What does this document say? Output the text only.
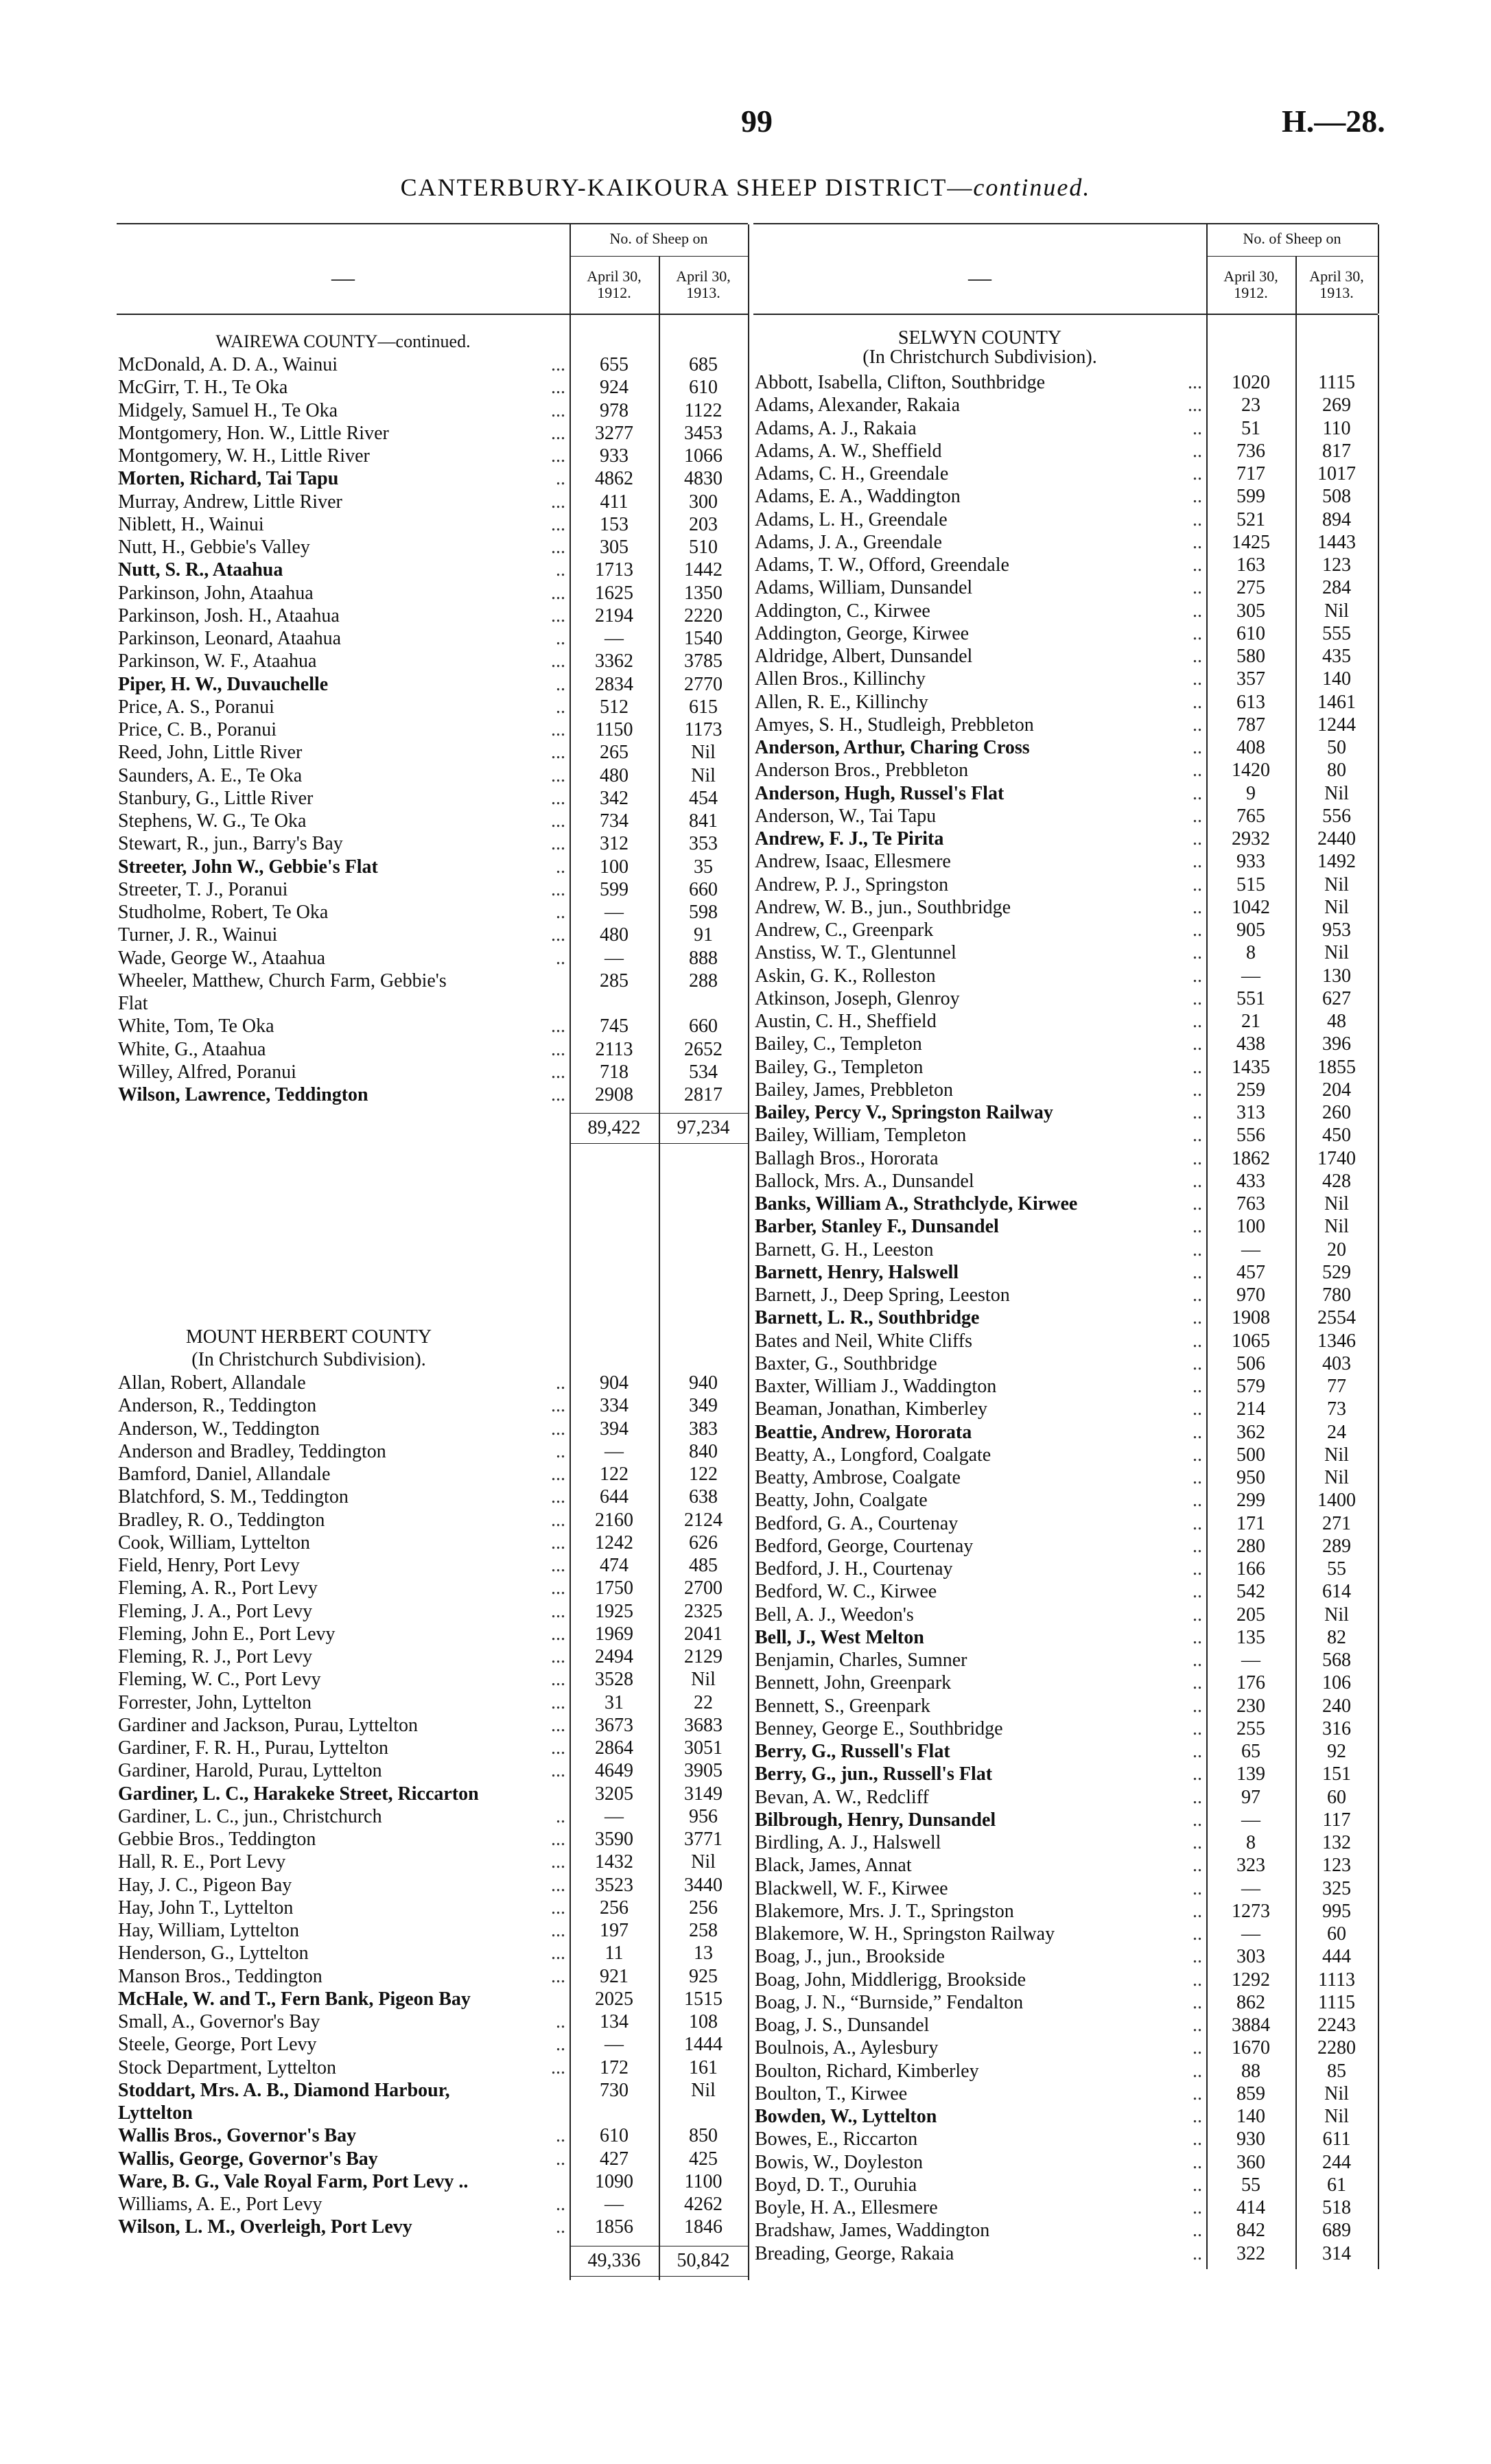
99	H.—28.
CANTERBURY-KAIKOURA SHEEP DISTRICT—continued.
—
No. of Sheep on
April 30, 1912.
April 30, 1913.
WAIREWA COUNTY—continued.
McDonald, A. D. A., Wainui	...	655	685
McGirr, T. H., Te Oka	...	924	610
Midgely, Samuel H., Te Oka	...	978	1122
Montgomery, Hon. W., Little River	...	3277	3453
Montgomery, W. H., Little River	...	933	1066
Morten, Richard, Tai Tapu	..	4862	4830
Murray, Andrew, Little River	...	411	300
Niblett, H., Wainui	...	153	203
Nutt, H., Gebbie's Valley	...	305	510
Nutt, S. R., Ataahua	..	1713	1442
Parkinson, John, Ataahua	...	1625	1350
Parkinson, Josh. H., Ataahua	...	2194	2220
Parkinson, Leonard, Ataahua	..	—	1540
Parkinson, W. F., Ataahua	...	3362	3785
Piper, H. W., Duvauchelle	..	2834	2770
Price, A. S., Poranui	..	512	615
Price, C. B., Poranui	...	1150	1173
Reed, John, Little River	...	265	Nil
Saunders, A. E., Te Oka	...	480	Nil
Stanbury, G., Little River	...	342	454
Stephens, W. G., Te Oka	...	734	841
Stewart, R., jun., Barry's Bay	...	312	353
Streeter, John W., Gebbie's Flat	..	100	35
Streeter, T. J., Poranui	...	599	660
Studholme, Robert, Te Oka	..	—	598
Turner, J. R., Wainui	...	480	91
Wade, George W., Ataahua	..	—	888
Wheeler, Matthew, Church Farm, Gebbie's	285	288
Flat
White, Tom, Te Oka	...	745	660
White, G., Ataahua	...	2113	2652
Willey, Alfred, Poranui	...	718	534
Wilson, Lawrence, Teddington	...	2908	2817
89,422	97,234
MOUNT HERBERT COUNTY
(In Christchurch Subdivision).
Allan, Robert, Allandale	..	904	940
Anderson, R., Teddington	...	334	349
Anderson, W., Teddington	...	394	383
Anderson and Bradley, Teddington	..	—	840
Bamford, Daniel, Allandale	...	122	122
Blatchford, S. M., Teddington	...	644	638
Bradley, R. O., Teddington	...	2160	2124
Cook, William, Lyttelton	...	1242	626
Field, Henry, Port Levy	...	474	485
Fleming, A. R., Port Levy	...	1750	2700
Fleming, J. A., Port Levy	...	1925	2325
Fleming, John E., Port Levy	...	1969	2041
Fleming, R. J., Port Levy	...	2494	2129
Fleming, W. C., Port Levy	...	3528	Nil
Forrester, John, Lyttelton	...	31	22
Gardiner and Jackson, Purau, Lyttelton	...	3673	3683
Gardiner, F. R. H., Purau, Lyttelton	...	2864	3051
Gardiner, Harold, Purau, Lyttelton	...	4649	3905
Gardiner, L. C., Harakeke Street, Riccarton	3205	3149
Gardiner, L. C., jun., Christchurch	..	—	956
Gebbie Bros., Teddington	...	3590	3771
Hall, R. E., Port Levy	...	1432	Nil
Hay, J. C., Pigeon Bay	...	3523	3440
Hay, John T., Lyttelton	...	256	256
Hay, William, Lyttelton	...	197	258
Henderson, G., Lyttelton	...	11	13
Manson Bros., Teddington	...	921	925
McHale, W. and T., Fern Bank, Pigeon Bay	2025	1515
Small, A., Governor's Bay	..	134	108
Steele, George, Port Levy	..	—	1444
Stock Department, Lyttelton	...	172	161
Stoddart, Mrs. A. B., Diamond Harbour,	730	Nil
Lyttelton
Wallis Bros., Governor's Bay	..	610	850
Wallis, George, Governor's Bay	..	427	425
Ware, B. G., Vale Royal Farm, Port Levy ..	1090	1100
Williams, A. E., Port Levy	..	—	4262
Wilson, L. M., Overleigh, Port Levy	..	1856	1846
49,336	50,842
—
No. of Sheep on
April 30, 1912.
April 30, 1913.
SELWYN COUNTY
(In Christchurch Subdivision).
Abbott, Isabella, Clifton, Southbridge	...	1020	1115
Adams, Alexander, Rakaia	...	23	269
Adams, A. J., Rakaia	..	51	110
Adams, A. W., Sheffield	..	736	817
Adams, C. H., Greendale	..	717	1017
Adams, E. A., Waddington	..	599	508
Adams, L. H., Greendale	..	521	894
Adams, J. A., Greendale	..	1425	1443
Adams, T. W., Offord, Greendale	..	163	123
Adams, William, Dunsandel	..	275	284
Addington, C., Kirwee	..	305	Nil
Addington, George, Kirwee	..	610	555
Aldridge, Albert, Dunsandel	..	580	435
Allen Bros., Killinchy	..	357	140
Allen, R. E., Killinchy	..	613	1461
Amyes, S. H., Studleigh, Prebbleton	..	787	1244
Anderson, Arthur, Charing Cross	..	408	50
Anderson Bros., Prebbleton	..	1420	80
Anderson, Hugh, Russel's Flat	..	9	Nil
Anderson, W., Tai Tapu	..	765	556
Andrew, F. J., Te Pirita	..	2932	2440
Andrew, Isaac, Ellesmere	..	933	1492
Andrew, P. J., Springston	..	515	Nil
Andrew, W. B., jun., Southbridge	..	1042	Nil
Andrew, C., Greenpark	..	905	953
Anstiss, W. T., Glentunnel	..	8	Nil
Askin, G. K., Rolleston	..	—	130
Atkinson, Joseph, Glenroy	..	551	627
Austin, C. H., Sheffield	..	21	48
Bailey, C., Templeton	..	438	396
Bailey, G., Templeton	..	1435	1855
Bailey, James, Prebbleton	..	259	204
Bailey, Percy V., Springston Railway	..	313	260
Bailey, William, Templeton	..	556	450
Ballagh Bros., Hororata	..	1862	1740
Ballock, Mrs. A., Dunsandel	..	433	428
Banks, William A., Strathclyde, Kirwee	..	763	Nil
Barber, Stanley F., Dunsandel	..	100	Nil
Barnett, G. H., Leeston	..	—	20
Barnett, Henry, Halswell	..	457	529
Barnett, J., Deep Spring, Leeston	..	970	780
Barnett, L. R., Southbridge	..	1908	2554
Bates and Neil, White Cliffs	..	1065	1346
Baxter, G., Southbridge	..	506	403
Baxter, William J., Waddington	..	579	77
Beaman, Jonathan, Kimberley	..	214	73
Beattie, Andrew, Hororata	..	362	24
Beatty, A., Longford, Coalgate	..	500	Nil
Beatty, Ambrose, Coalgate	..	950	Nil
Beatty, John, Coalgate	..	299	1400
Bedford, G. A., Courtenay	..	171	271
Bedford, George, Courtenay	..	280	289
Bedford, J. H., Courtenay	..	166	55
Bedford, W. C., Kirwee	..	542	614
Bell, A. J., Weedon's	..	205	Nil
Bell, J., West Melton	..	135	82
Benjamin, Charles, Sumner	..	—	568
Bennett, John, Greenpark	..	176	106
Bennett, S., Greenpark	..	230	240
Benney, George E., Southbridge	..	255	316
Berry, G., Russell's Flat	..	65	92
Berry, G., jun., Russell's Flat	..	139	151
Bevan, A. W., Redcliff	..	97	60
Bilbrough, Henry, Dunsandel	..	—	117
Birdling, A. J., Halswell	..	8	132
Black, James, Annat	..	323	123
Blackwell, W. F., Kirwee	..	—	325
Blakemore, Mrs. J. T., Springston	..	1273	995
Blakemore, W. H., Springston Railway	..	—	60
Boag, J., jun., Brookside	..	303	444
Boag, John, Middlerigg, Brookside	..	1292	1113
Boag, J. N., “Burnside,” Fendalton	..	862	1115
Boag, J. S., Dunsandel	..	3884	2243
Boulnois, A., Aylesbury	..	1670	2280
Boulton, Richard, Kimberley	..	88	85
Boulton, T., Kirwee	..	859	Nil
Bowden, W., Lyttelton	..	140	Nil
Bowes, E., Riccarton	..	930	611
Bowis, W., Doyleston	..	360	244
Boyd, D. T., Ouruhia	..	55	61
Boyle, H. A., Ellesmere	..	414	518
Bradshaw, James, Waddington	..	842	689
Breading, George, Rakaia	..	322	314
